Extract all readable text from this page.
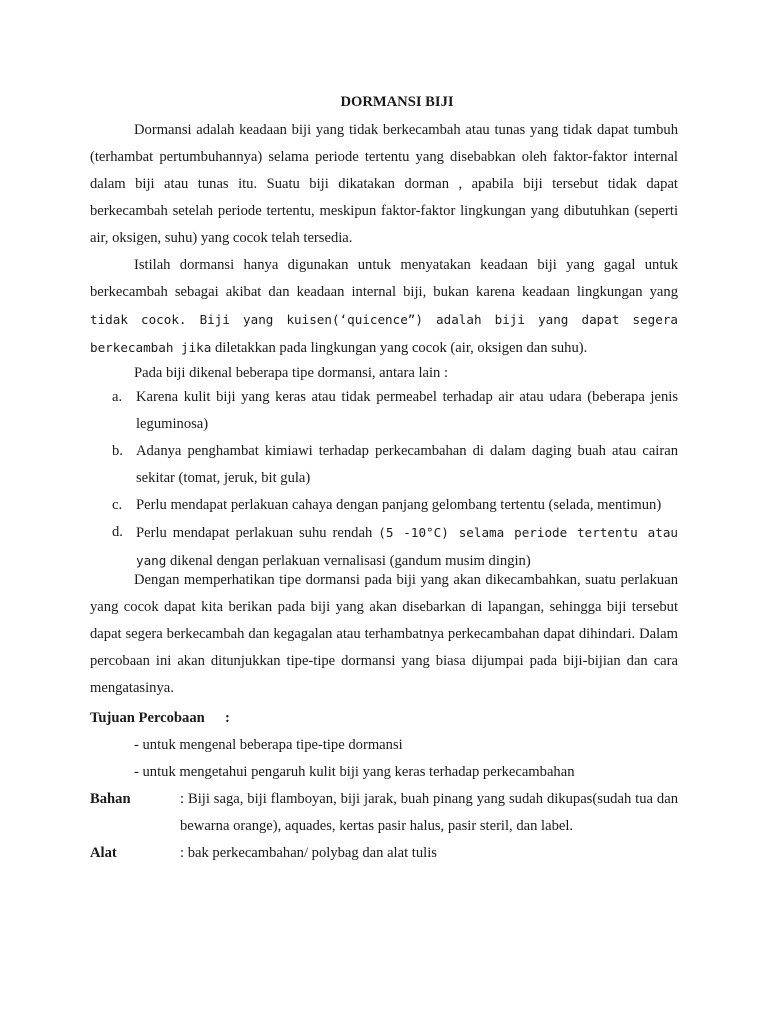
DORMANSI BIJI

Dormansi adalah keadaan biji yang tidak berkecambah atau tunas yang tidak dapat tumbuh (terhambat pertumbuhannya) selama periode tertentu yang disebabkan oleh faktor-faktor internal dalam biji atau tunas itu. Suatu biji dikatakan dorman , apabila biji tersebut tidak dapat berkecambah setelah periode tertentu, meskipun faktor-faktor lingkungan yang dibutuhkan (seperti air, oksigen, suhu) yang cocok telah tersedia.

Istilah dormansi hanya digunakan untuk menyatakan keadaan biji yang gagal untuk berkecambah sebagai akibat dan keadaan internal biji, bukan karena keadaan lingkungan yang tidak cocok. Biji yang kuisen(‘quicence”) adalah biji yang dapat segera berkecambah jika diletakkan pada lingkungan yang cocok (air, oksigen dan suhu).

Pada biji dikenal beberapa tipe dormansi, antara lain :

a. Karena kulit biji yang keras atau tidak permeabel terhadap air atau udara (beberapa jenis leguminosa)
b. Adanya penghambat kimiawi terhadap perkecambahan di dalam daging buah atau cairan sekitar (tomat, jeruk, bit gula)
c. Perlu mendapat perlakuan cahaya dengan panjang gelombang tertentu (selada, mentimun)
d. Perlu mendapat perlakuan suhu rendah (5 -10°C) selama periode tertentu atau yang dikenal dengan perlakuan vernalisasi (gandum musim dingin)

Dengan memperhatikan tipe dormansi pada biji yang akan dikecambahkan, suatu perlakuan yang cocok dapat kita berikan pada biji yang akan disebarkan di lapangan, sehingga biji tersebut dapat segera berkecambah dan kegagalan atau terhambatnya perkecambahan dapat dihindari. Dalam percobaan ini akan ditunjukkan tipe-tipe dormansi yang biasa dijumpai pada biji-bijian dan cara mengatasinya.

Tujuan Percobaan :
- untuk mengenal beberapa tipe-tipe dormansi
- untuk mengetahui pengaruh kulit biji yang keras terhadap perkecambahan
Bahan	: Biji saga, biji flamboyan, biji jarak, buah pinang yang sudah dikupas(sudah tua dan bewarna orange), aquades, kertas pasir halus, pasir steril, dan label.
Alat	: bak perkecambahan/ polybag dan alat tulis
